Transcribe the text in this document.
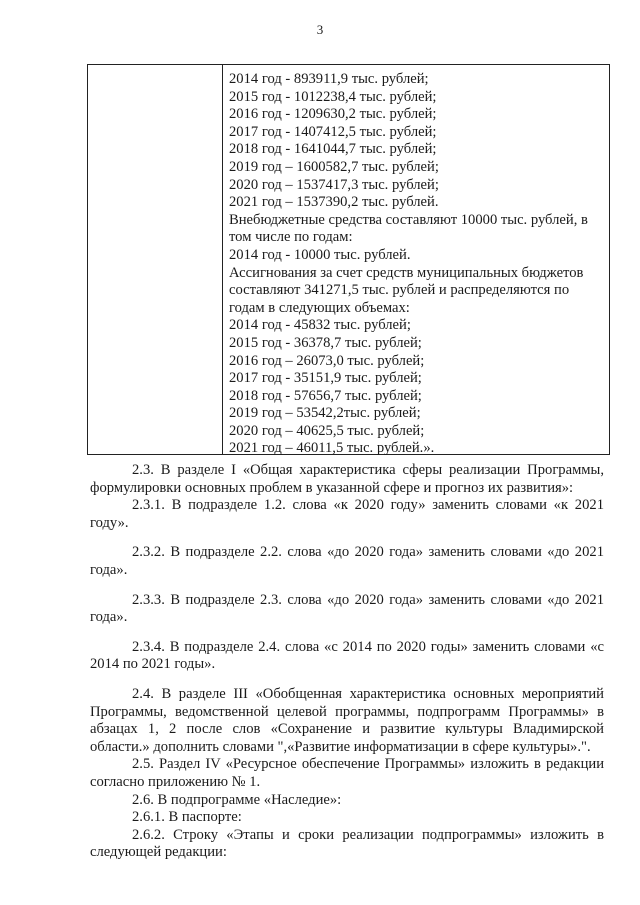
3
2014 год - 893911,9 тыс. рублей;
2015 год - 1012238,4 тыс. рублей;
2016 год - 1209630,2 тыс. рублей;
2017 год - 1407412,5 тыс. рублей;
2018 год - 1641044,7 тыс. рублей;
2019 год – 1600582,7 тыс. рублей;
2020 год – 1537417,3 тыс. рублей;
2021 год – 1537390,2 тыс. рублей.
Внебюджетные средства составляют 10000 тыс. рублей, в
том числе по годам:
2014 год - 10000 тыс. рублей.
Ассигнования за счет средств муниципальных бюджетов
составляют 341271,5 тыс. рублей и распределяются по
годам в следующих объемах:
2014 год - 45832 тыс. рублей;
2015 год - 36378,7 тыс. рублей;
2016 год – 26073,0 тыс. рублей;
2017 год - 35151,9 тыс. рублей;
2018 год - 57656,7 тыс. рублей;
2019 год – 53542,2тыс. рублей;
2020 год – 40625,5 тыс. рублей;
2021 год – 46011,5 тыс. рублей.».

2.3. В разделе I «Общая характеристика сферы реализации Программы, формулировки основных проблем в указанной сфере и прогноз их развития»:

2.3.1. В подразделе 1.2. слова «к 2020 году» заменить словами «к 2021 году».

2.3.2. В подразделе 2.2. слова «до 2020 года» заменить словами «до 2021 года».

2.3.3. В подразделе 2.3. слова «до 2020 года» заменить словами «до 2021 года».

2.3.4. В подразделе 2.4. слова «с 2014 по 2020 годы» заменить словами «с 2014 по 2021 годы».

2.4. В разделе III «Обобщенная характеристика основных мероприятий Программы, ведомственной целевой программы, подпрограмм Программы» в абзацах 1, 2 после слов «Сохранение и развитие культуры Владимирской области.» дополнить словами ",«Развитие информатизации в сфере культуры».".

2.5. Раздел IV «Ресурсное обеспечение Программы» изложить в редакции согласно приложению № 1.

2.6. В подпрограмме «Наследие»:

2.6.1. В паспорте:

2.6.2. Строку «Этапы и сроки реализации подпрограммы» изложить в следующей редакции:
